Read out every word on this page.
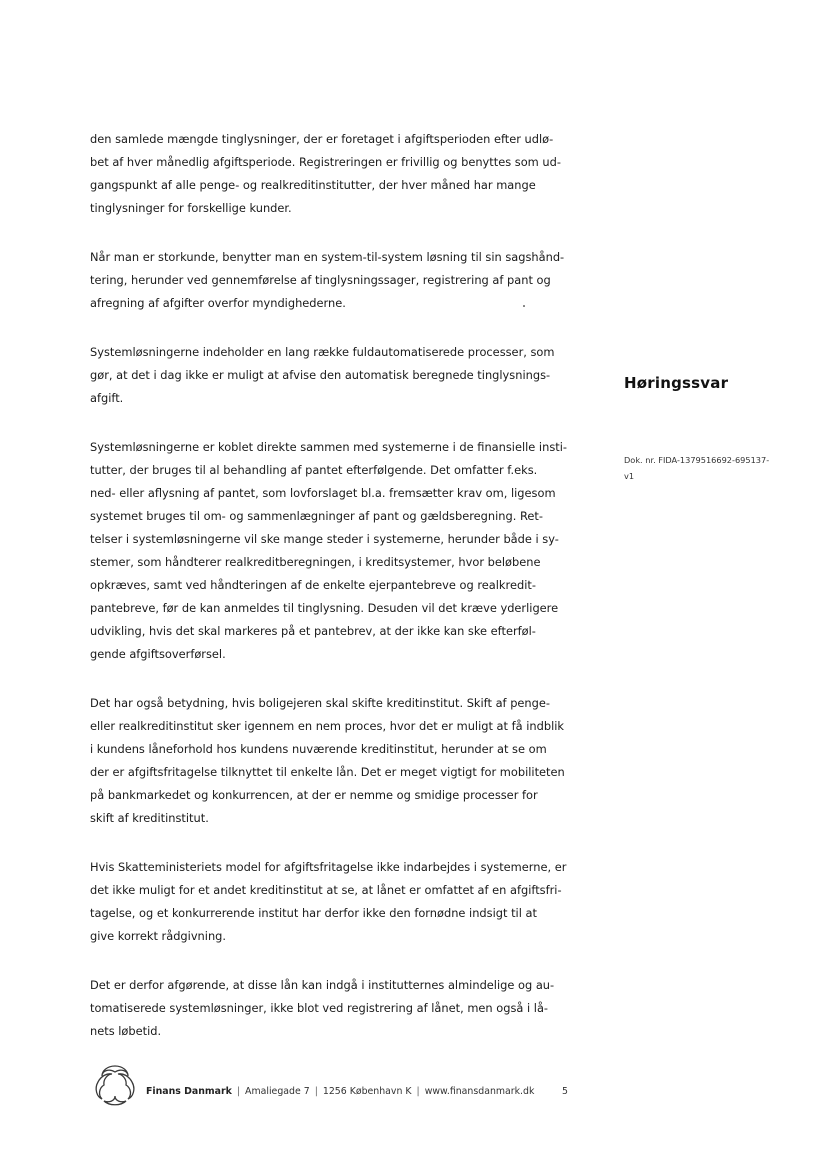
den samlede mængde tinglysninger, der er foretaget i afgiftsperioden efter udlø-
bet af hver månedlig afgiftsperiode. Registreringen er frivillig og benyttes som ud-
gangspunkt af alle penge- og realkreditinstitutter, der hver måned har mange
tinglysninger for forskellige kunder.

Når man er storkunde, benytter man en system-til-system løsning til sin sagshånd-
tering, herunder ved gennemførelse af tinglysningssager, registrering af pant og
afregning af afgifter overfor myndighederne.

Systemløsningerne indeholder en lang række fuldautomatiserede processer, som
gør, at det i dag ikke er muligt at afvise den automatisk beregnede tinglysnings-
afgift.

Systemløsningerne er koblet direkte sammen med systemerne i de finansielle insti-
tutter, der bruges til al behandling af pantet efterfølgende. Det omfatter f.eks.
ned- eller aflysning af pantet, som lovforslaget bl.a. fremsætter krav om, ligesom
systemet bruges til om- og sammenlægninger af pant og gældsberegning. Ret-
telser i systemløsningerne vil ske mange steder i systemerne, herunder både i sy-
stemer, som håndterer realkreditberegningen, i kreditsystemer, hvor beløbene
opkræves, samt ved håndteringen af de enkelte ejerpantebreve og realkredit-
pantebreve, før de kan anmeldes til tinglysning. Desuden vil det kræve yderligere
udvikling, hvis det skal markeres på et pantebrev, at der ikke kan ske efterføl-
gende afgiftsoverførsel.

Det har også betydning, hvis boligejeren skal skifte kreditinstitut. Skift af penge-
eller realkreditinstitut sker igennem en nem proces, hvor det er muligt at få indblik
i kundens låneforhold hos kundens nuværende kreditinstitut, herunder at se om
der er afgiftsfritagelse tilknyttet til enkelte lån. Det er meget vigtigt for mobiliteten
på bankmarkedet og konkurrencen, at der er nemme og smidige processer for
skift af kreditinstitut.

Hvis Skatteministeriets model for afgiftsfritagelse ikke indarbejdes i systemerne, er
det ikke muligt for et andet kreditinstitut at se, at lånet er omfattet af en afgiftsfri-
tagelse, og et konkurrerende institut har derfor ikke den fornødne indsigt til at
give korrekt rådgivning.

Det er derfor afgørende, at disse lån kan indgå i institutternes almindelige og au-
tomatiserede systemløsninger, ikke blot ved registrering af lånet, men også i lå-
nets løbetid.

Høringssvar
Dok. nr. FIDA-1379516692-695137-
v1
Finans Danmark | Amaliegade 7 | 1256 København K | www.finansdanmark.dk	5
